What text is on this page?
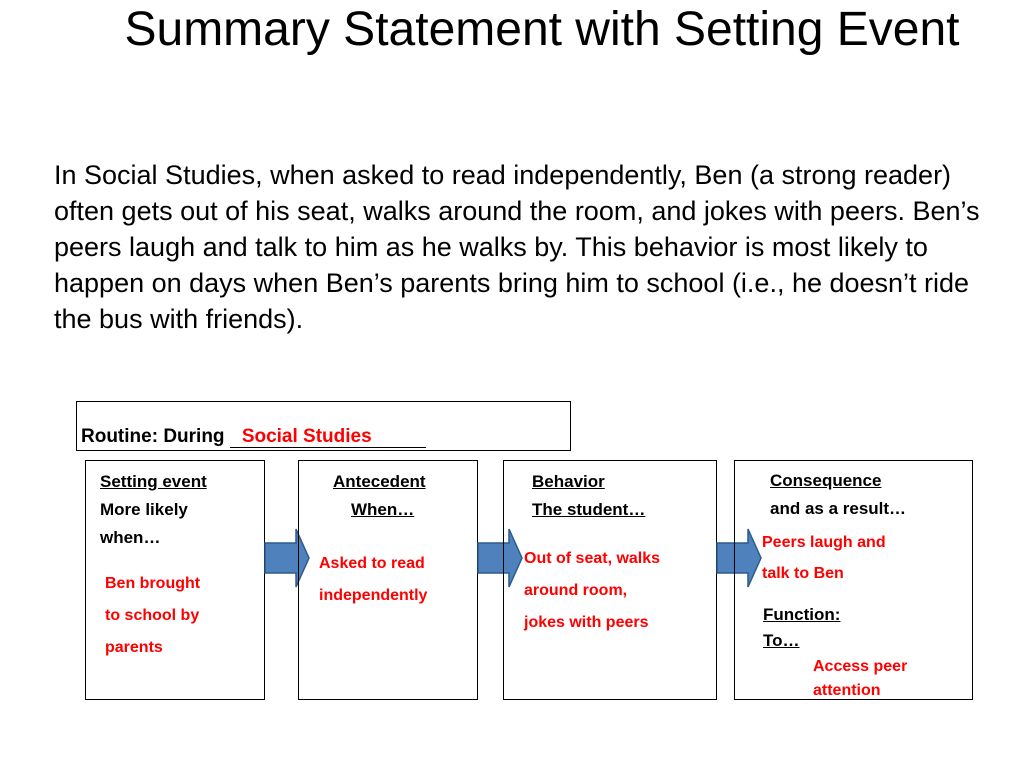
Summary Statement with Setting Event
In Social Studies, when asked to read independently, Ben (a strong reader) often gets out of his seat, walks around the room, and jokes with peers. Ben’s peers laugh and talk to him as he walks by. This behavior is most likely to happen on days when Ben’s parents bring him to school (i.e., he doesn’t ride the bus with friends).
Routine: During Social Studies
Setting event
More likely
when…
Ben brought
to school by
parents
Antecedent
When…
Asked to read
independently
Behavior
The student…
Out of seat, walks
around room,
jokes with peers
Consequence
and as a result…
Peers laugh and
talk to Ben
Function:
To…
Access peer
attention
